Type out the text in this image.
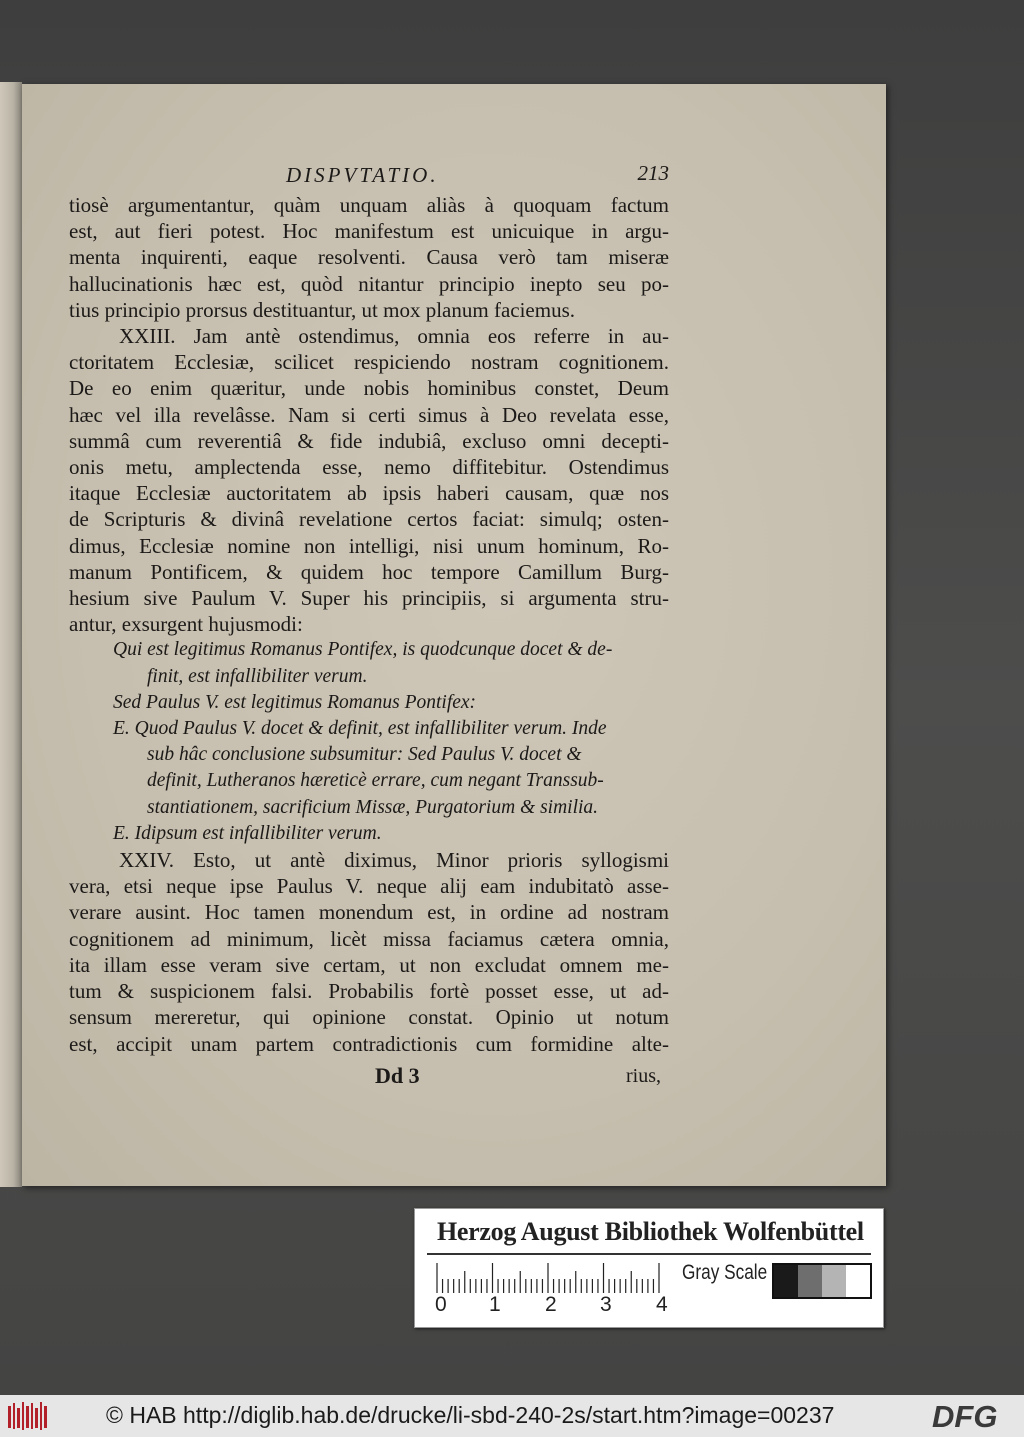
DISPVTATIO.	213
tiosè argumentantur, quàm unquam aliàs à quoquam factum
est, aut fieri potest. Hoc manifestum est unicuique in argu-
menta inquirenti, eaque resolventi. Causa verò tam miseræ
hallucinationis hæc est, quòd nitantur principio inepto seu po-
tius principio prorsus destituantur, ut mox planum faciemus.
XXIII. Jam antè ostendimus, omnia eos referre in au-
ctoritatem Ecclesiæ, scilicet respiciendo nostram cognitionem.
De eo enim quæritur, unde nobis hominibus constet, Deum
hæc vel illa revelâsse. Nam si certi simus à Deo revelata esse,
summâ cum reverentiâ & fide indubiâ, excluso omni decepti-
onis metu, amplectenda esse, nemo diffitebitur. Ostendimus
itaque Ecclesiæ auctoritatem ab ipsis haberi causam, quæ nos
de Scripturis & divinâ revelatione certos faciat: simulq; osten-
dimus, Ecclesiæ nomine non intelligi, nisi unum hominum, Ro-
manum Pontificem, & quidem hoc tempore Camillum Burg-
hesium sive Paulum V. Super his principiis, si argumenta stru-
antur, exsurgent hujusmodi:
Qui est legitimus Romanus Pontifex, is quodcunque docet & de-
finit, est infallibiliter verum.
Sed Paulus V. est legitimus Romanus Pontifex:
E. Quod Paulus V. docet & definit, est infallibiliter verum. Inde
sub hâc conclusione subsumitur: Sed Paulus V. docet &
definit, Lutheranos hæreticè errare, cum negant Transsub-
stantiationem, sacrificium Missæ, Purgatorium & similia.
E. Idipsum est infallibiliter verum.
XXIV. Esto, ut antè diximus, Minor prioris syllogismi
vera, etsi neque ipse Paulus V. neque alij eam indubitatò asse-
verare ausint. Hoc tamen monendum est, in ordine ad nostram
cognitionem ad minimum, licèt missa faciamus cætera omnia,
ita illam esse veram sive certam, ut non excludat omnem me-
tum & suspicionem falsi. Probabilis fortè posset esse, ut ad-
sensum mereretur, qui opinione constat. Opinio ut notum
est, accipit unam partem contradictionis cum formidine alte-
Dd 3	rius,
Herzog August Bibliothek Wolfenbüttel
Gray Scale
0 1 2 3 4
© HAB http://diglib.hab.de/drucke/li-sbd-240-2s/start.htm?image=00237	DFG
